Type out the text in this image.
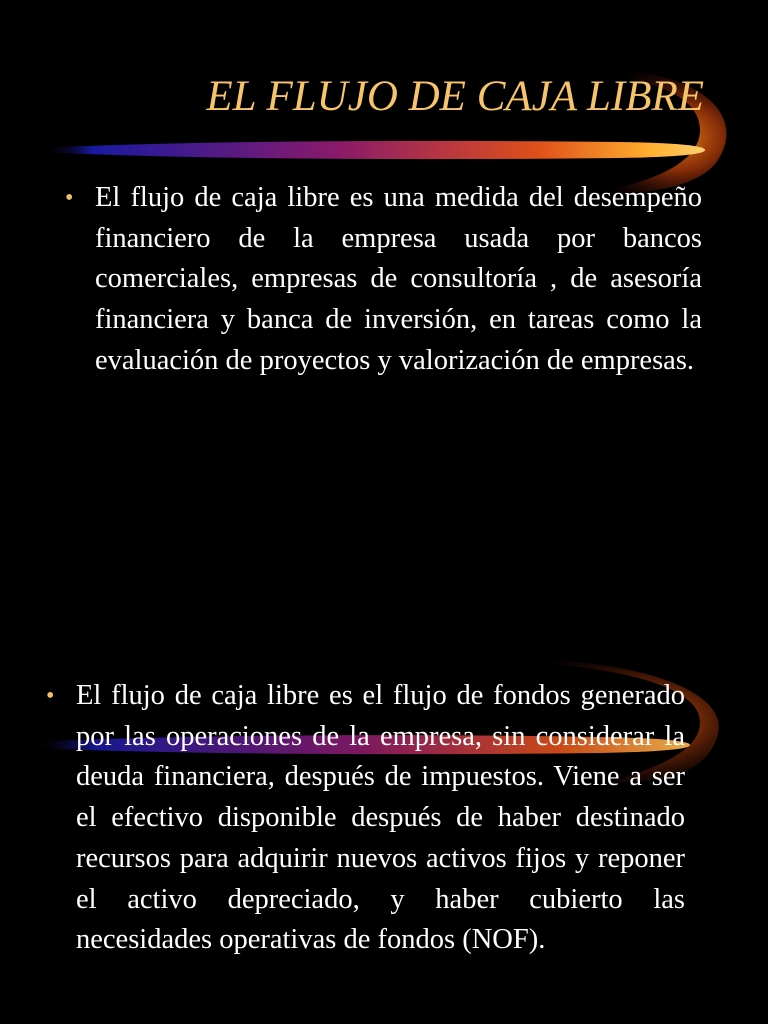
EL FLUJO DE CAJA LIBRE
• El flujo de caja libre es una medida del desempeño financiero de la empresa usada por bancos comerciales, empresas de consultoría , de asesoría financiera y banca de inversión, en tareas como la evaluación de proyectos y valorización de empresas.
• El flujo de caja libre es el flujo de fondos generado por las operaciones de la empresa, sin considerar la deuda financiera, después de impuestos. Viene a ser el efectivo disponible después de haber destinado recursos para adquirir nuevos activos fijos y reponer el activo depreciado, y haber cubierto las necesidades operativas de fondos (NOF).
